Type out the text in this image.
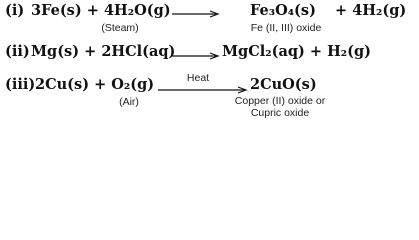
(i) 3Fe(s) + 4H₂O(g)
(Steam)
Fe₃O₄(s)
Fe (II, III) oxide
+ 4H₂(g)
(ii) Mg(s) + 2HCl(aq) → MgCl₂(aq) + H₂(g)
(iii) 2Cu(s) + O₂(g)
(Air)
Heat	2CuO(s)
Copper (II) oxide or
Cupric oxide
